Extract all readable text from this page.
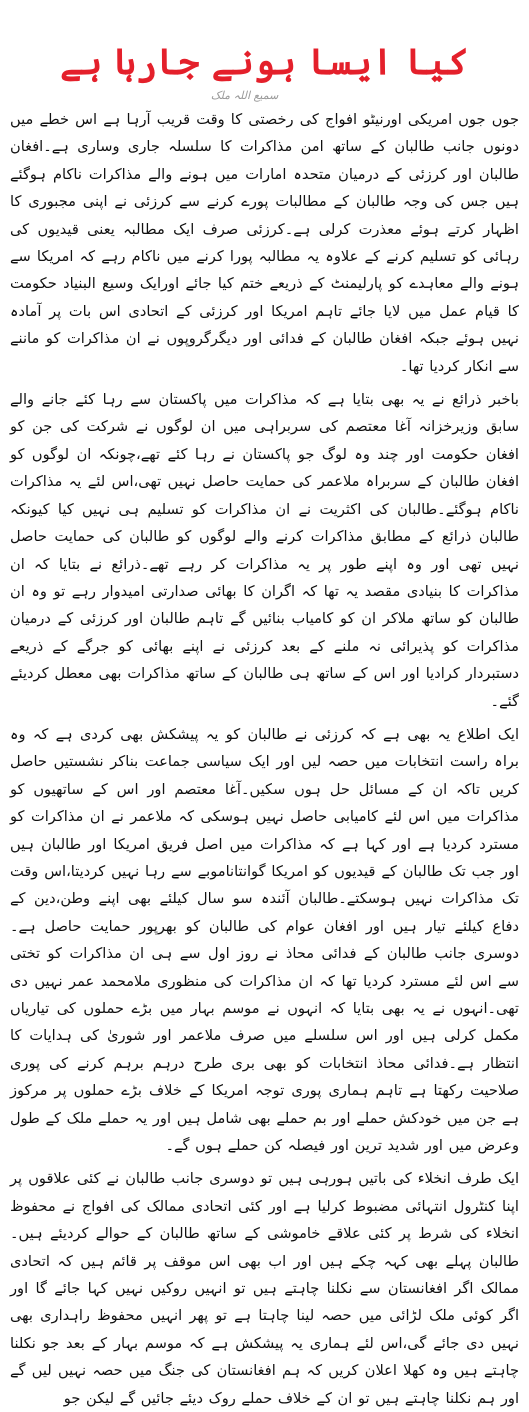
کیا ایسا ہونے جارہا ہے
سمیع اللہ ملک

جوں جوں امریکی اورنیٹو افواج کی رخصتی کا وقت قریب آرہا ہے اس خطے میں دونوں جانب طالبان کے ساتھ امن مذاکرات کا سلسلہ جاری وساری ہے۔افغان طالبان اور کرزئی کے درمیان متحدہ امارات میں ہونے والے مذاکرات ناکام ہوگئے ہیں جس کی وجہ طالبان کے مطالبات پورے کرنے سے کرزئی نے اپنی مجبوری کا اظہار کرتے ہوئے معذرت کرلی ہے۔کرزئی صرف ایک مطالبہ یعنی قیدیوں کی رہائی کو تسلیم کرنے کے علاوہ یہ مطالبہ پورا کرنے میں ناکام رہے کہ امریکا سے ہونے والے معاہدے کو پارلیمنٹ کے ذریعے ختم کیا جائے اورایک وسیع البنیاد حکومت کا قیام عمل میں لایا جائے تاہم امریکا اور کرزئی کے اتحادی اس بات پر آمادہ نہیں ہوئے جبکہ افغان طالبان کے فدائی اور دیگرگروپوں نے ان مذاکرات کو ماننے سے انکار کردیا تھا۔

باخبر ذرائع نے یہ بھی بتایا ہے کہ مذاکرات میں پاکستان سے رہا کئے جانے والے سابق وزیرخزانہ آغا معتصم کی سربراہی میں ان لوگوں نے شرکت کی جن کو افغان حکومت اور چند وہ لوگ جو پاکستان نے رہا کئے تھے،چونکہ ان لوگوں کو افغان طالبان کے سربراہ ملاعمر کی حمایت حاصل نہیں تھی،اس لئے یہ مذاکرات ناکام ہوگئے۔طالبان کی اکثریت نے ان مذاکرات کو تسلیم ہی نہیں کیا کیونکہ طالبان ذرائع کے مطابق مذاکرات کرنے والے لوگوں کو طالبان کی حمایت حاصل نہیں تھی اور وہ اپنے طور پر یہ مذاکرات کر رہے تھے۔ذرائع نے بتایا کہ ان مذاکرات کا بنیادی مقصد یہ تھا کہ اگران کا بھائی صدارتی امیدوار رہے تو وہ ان طالبان کو ساتھ ملاکر ان کو کامیاب بنائیں گے تاہم طالبان اور کرزئی کے درمیان مذاکرات کو پذیرائی نہ ملنے کے بعد کرزئی نے اپنے بھائی کو جرگے کے ذریعے دستبردار کرادیا اور اس کے ساتھ ہی طالبان کے ساتھ مذاکرات بھی معطل کردیئے گئے۔

ایک اطلاع یہ بھی ہے کہ کرزئی نے طالبان کو یہ پیشکش بھی کردی ہے کہ وہ براہ راست انتخابات میں حصہ لیں اور ایک سیاسی جماعت بناکر نشستیں حاصل کریں تاکہ ان کے مسائل حل ہوں سکیں۔آغا معتصم اور اس کے ساتھیوں کو مذاکرات میں اس لئے کامیابی حاصل نہیں ہوسکی کہ ملاعمر نے ان مذاکرات کو مسترد کردیا ہے اور کہا ہے کہ مذاکرات میں اصل فریق امریکا اور طالبان ہیں اور جب تک طالبان کے قیدیوں کو امریکا گوانتاناموبے سے رہا نہیں کردیتا،اس وقت تک مذاکرات نہیں ہوسکتے۔طالبان آئندہ سو سال کیلئے بھی اپنے وطن،دین کے دفاع کیلئے تیار ہیں اور افغان عوام کی طالبان کو بھرپور حمایت حاصل ہے۔دوسری جانب طالبان کے فدائی محاذ نے روز اول سے ہی ان مذاکرات کو تختی سے اس لئے مسترد کردیا تھا کہ ان مذاکرات کی منظوری ملامحمد عمر نہیں دی تھی۔انہوں نے یہ بھی بتایا کہ انہوں نے موسم بہار میں بڑے حملوں کی تیاریاں مکمل کرلی ہیں اور اس سلسلے میں صرف ملاعمر اور شوریٰ کی ہدایات کا انتظار ہے۔فدائی محاذ انتخابات کو بھی بری طرح درہم برہم کرنے کی پوری صلاحیت رکھتا ہے تاہم ہماری پوری توجہ امریکا کے خلاف بڑے حملوں پر مرکوز ہے جن میں خودکش حملے اور بم حملے بھی شامل ہیں اور یہ حملے ملک کے طول وعرض میں اور شدید ترین اور فیصلہ کن حملے ہوں گے۔

ایک طرف انخلاء کی باتیں ہورہی ہیں تو دوسری جانب طالبان نے کئی علاقوں پر اپنا کنٹرول انتہائی مضبوط کرلیا ہے اور کئی اتحادی ممالک کی افواج نے محفوظ انخلاء کی شرط پر کئی علاقے خاموشی کے ساتھ طالبان کے حوالے کردیئے ہیں۔طالبان پہلے بھی کہہ چکے ہیں اور اب بھی اس موقف پر قائم ہیں کہ اتحادی ممالک اگر افغانستان سے نکلنا چاہتے ہیں تو انہیں روکیں نہیں کہا جائے گا اور اگر کوئی ملک لڑائی میں حصہ لینا چاہتا ہے تو پھر انہیں محفوظ راہداری بھی نہیں دی جائے گی،اس لئے ہماری یہ پیشکش ہے کہ موسم بہار کے بعد جو نکلنا چاہتے ہیں وہ کھلا اعلان کریں کہ ہم افغانستان کی جنگ میں حصہ نہیں لیں گے اور ہم نکلنا چاہتے ہیں تو ان کے خلاف حملے روک دیئے جائیں گے لیکن جو
